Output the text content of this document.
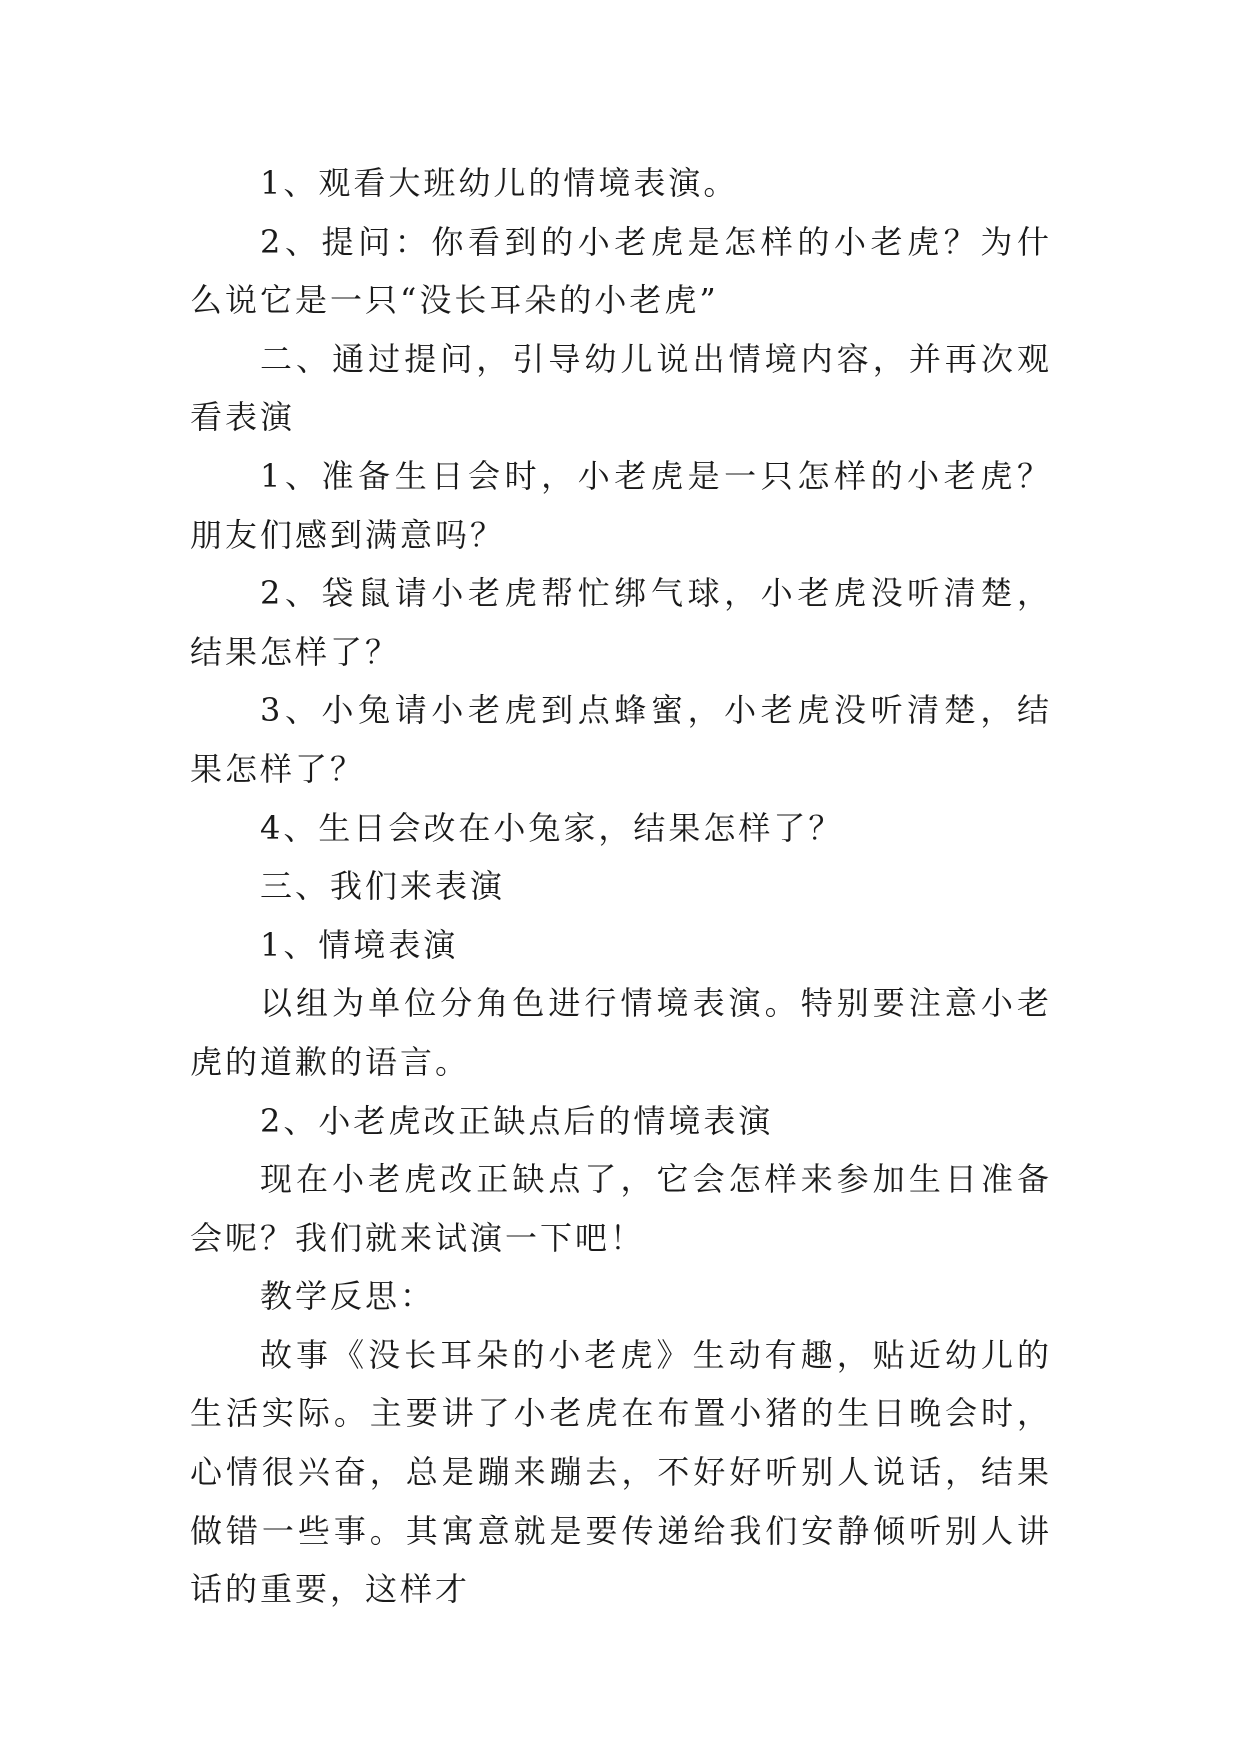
1、观看大班幼儿的情境表演。

2、提问：你看到的小老虎是怎样的小老虎？为什么说它是一只“没长耳朵的小老虎”

二、通过提问，引导幼儿说出情境内容，并再次观看表演

1、准备生日会时，小老虎是一只怎样的小老虎？朋友们感到满意吗？

2、袋鼠请小老虎帮忙绑气球，小老虎没听清楚，结果怎样了？

3、小兔请小老虎到点蜂蜜，小老虎没听清楚，结果怎样了？

4、生日会改在小兔家，结果怎样了？

三、我们来表演

1、情境表演

以组为单位分角色进行情境表演。特别要注意小老虎的道歉的语言。

2、小老虎改正缺点后的情境表演

现在小老虎改正缺点了，它会怎样来参加生日准备会呢？我们就来试演一下吧！

教学反思：

故事《没长耳朵的小老虎》生动有趣，贴近幼儿的生活实际。主要讲了小老虎在布置小猪的生日晚会时，心情很兴奋，总是蹦来蹦去，不好好听别人说话，结果做错一些事。其寓意就是要传递给我们安静倾听别人讲话的重要，这样才
